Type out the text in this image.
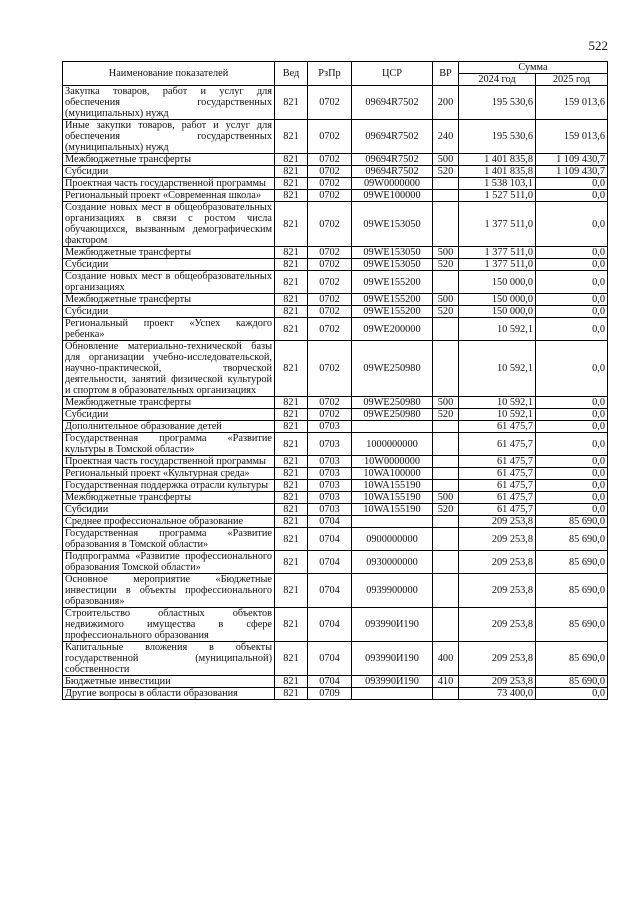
522
Наименование показателей	Вед	РзПр	ЦСР	ВР	Сумма	
					2024 год	2025 год
Закупка товаров, работ и услуг для обеспечения государственных (муниципальных) нужд	821	0702	09694R7502	200	195 530,6	159 013,6
Иные закупки товаров, работ и услуг для обеспечения государственных (муниципальных) нужд	821	0702	09694R7502	240	195 530,6	159 013,6
Межбюджетные трансферты	821	0702	09694R7502	500	1 401 835,8	1 109 430,7
Субсидии	821	0702	09694R7502	520	1 401 835,8	1 109 430,7
Проектная часть государственной программы	821	0702	09W0000000		1 538 103,1	0,0
Региональный проект «Современная школа»	821	0702	09WE100000		1 527 511,0	0,0
Создание новых мест в общеобразовательных организациях в связи с ростом числа обучающихся, вызванным демографическим фактором	821	0702	09WE153050		1 377 511,0	0,0
Межбюджетные трансферты	821	0702	09WE153050	500	1 377 511,0	0,0
Субсидии	821	0702	09WE153050	520	1 377 511,0	0,0
Создание новых мест в общеобразовательных организациях	821	0702	09WE155200		150 000,0	0,0
Межбюджетные трансферты	821	0702	09WE155200	500	150 000,0	0,0
Субсидии	821	0702	09WE155200	520	150 000,0	0,0
Региональный проект «Успех каждого ребенка»	821	0702	09WE200000		10 592,1	0,0
Обновление материально-технической базы для организации учебно-исследовательской, научно-практической, творческой деятельности, занятий физической культурой и спортом в образовательных организациях	821	0702	09WE250980		10 592,1	0,0
Межбюджетные трансферты	821	0702	09WE250980	500	10 592,1	0,0
Субсидии	821	0702	09WE250980	520	10 592,1	0,0
Дополнительное образование детей	821	0703			61 475,7	0,0
Государственная программа «Развитие культуры в Томской области»	821	0703	1000000000		61 475,7	0,0
Проектная часть государственной программы	821	0703	10W0000000		61 475,7	0,0
Региональный проект «Культурная среда»	821	0703	10WA100000		61 475,7	0,0
Государственная поддержка отрасли культуры	821	0703	10WA155190		61 475,7	0,0
Межбюджетные трансферты	821	0703	10WA155190	500	61 475,7	0,0
Субсидии	821	0703	10WA155190	520	61 475,7	0,0
Среднее профессиональное образование	821	0704			209 253,8	85 690,0
Государственная программа «Развитие образования в Томской области»	821	0704	0900000000		209 253,8	85 690,0
Подпрограмма «Развитие профессионального образования Томской области»	821	0704	0930000000		209 253,8	85 690,0
Основное мероприятие «Бюджетные инвестиции в объекты профессионального образования»	821	0704	0939900000		209 253,8	85 690,0
Строительство областных объектов недвижимого имущества в сфере профессионального образования	821	0704	093990И190		209 253,8	85 690,0
Капитальные вложения в объекты государственной (муниципальной) собственности	821	0704	093990И190	400	209 253,8	85 690,0
Бюджетные инвестиции	821	0704	093990И190	410	209 253,8	85 690,0
Другие вопросы в области образования	821	0709			73 400,0	0,0
